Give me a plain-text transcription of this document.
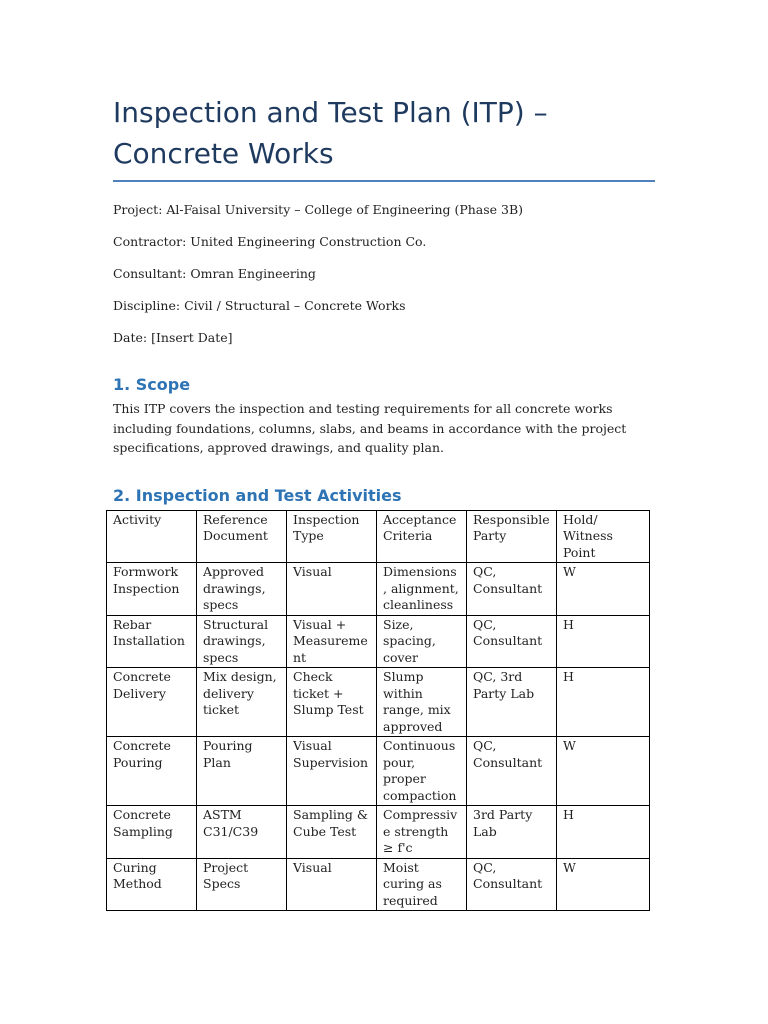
Inspection and Test Plan (ITP) – Concrete Works

Project: Al-Faisal University – College of Engineering (Phase 3B)

Contractor: United Engineering Construction Co.

Consultant: Omran Engineering

Discipline: Civil / Structural – Concrete Works

Date: [Insert Date]

1. Scope

This ITP covers the inspection and testing requirements for all concrete works including foundations, columns, slabs, and beams in accordance with the project specifications, approved drawings, and quality plan.

2. Inspection and Test Activities
Activity	Reference Document	Inspection Type	Acceptance Criteria	Responsible Party	Hold/ Witness Point
Formwork Inspection	Approved drawings, specs	Visual	Dimensions, alignment, cleanliness	QC, Consultant	W
Rebar Installation	Structural drawings, specs	Visual + Measurement	Size, spacing, cover	QC, Consultant	H
Concrete Delivery	Mix design, delivery ticket	Check ticket + Slump Test	Slump within range, mix approved	QC, 3rd Party Lab	H
Concrete Pouring	Pouring Plan	Visual Supervision	Continuous pour, proper compaction	QC, Consultant	W
Concrete Sampling	ASTM C31/C39	Sampling & Cube Test	Compressive strength ≥ f'c	3rd Party Lab	H
Curing Method	Project Specs	Visual	Moist curing as required	QC, Consultant	W
